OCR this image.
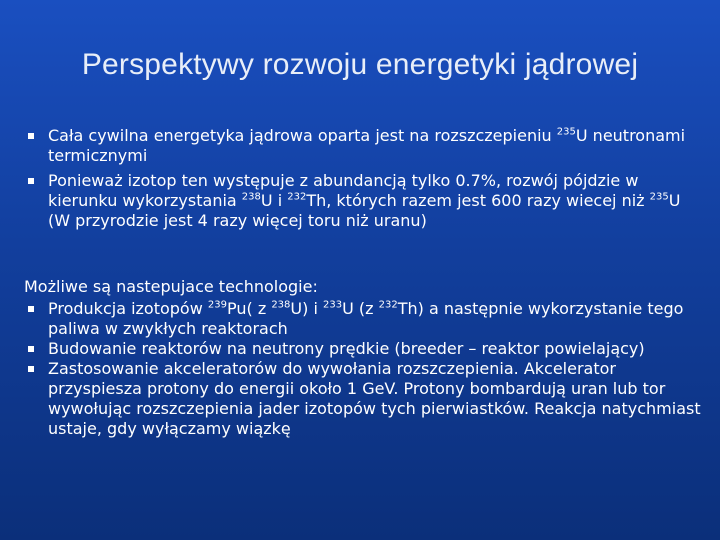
Perspektywy rozwoju energetyki jądrowej
Cała cywilna energetyka jądrowa oparta jest na rozszczepieniu $^{235}$U neutronami termicznymi
Ponieważ izotop ten występuje z abundancją tylko 0.7%, rozwój pójdzie w kierunku wykorzystania $^{238}$U i $^{232}$Th, których razem jest 600 razy wiecej niż $^{235}$U (W przyrodzie jest 4 razy więcej toru niż uranu)
Możliwe są nastepujace technologie:
Produkcja izotopów $^{239}$Pu( z $^{238}$U) i $^{233}$U (z $^{232}$Th) a następnie wykorzystanie tego paliwa w zwykłych reaktorach
Budowanie reaktorów na neutrony prędkie (breeder – reaktor powielający)
Zastosowanie akceleratorów do wywołania rozszczepienia. Akcelerator przyspiesza protony do energii około 1 GeV. Protony bombardują uran lub tor wywołując rozszczepienia jader izotopów tych pierwiastków. Reakcja natychmiast ustaje, gdy wyłączamy wiązkę
